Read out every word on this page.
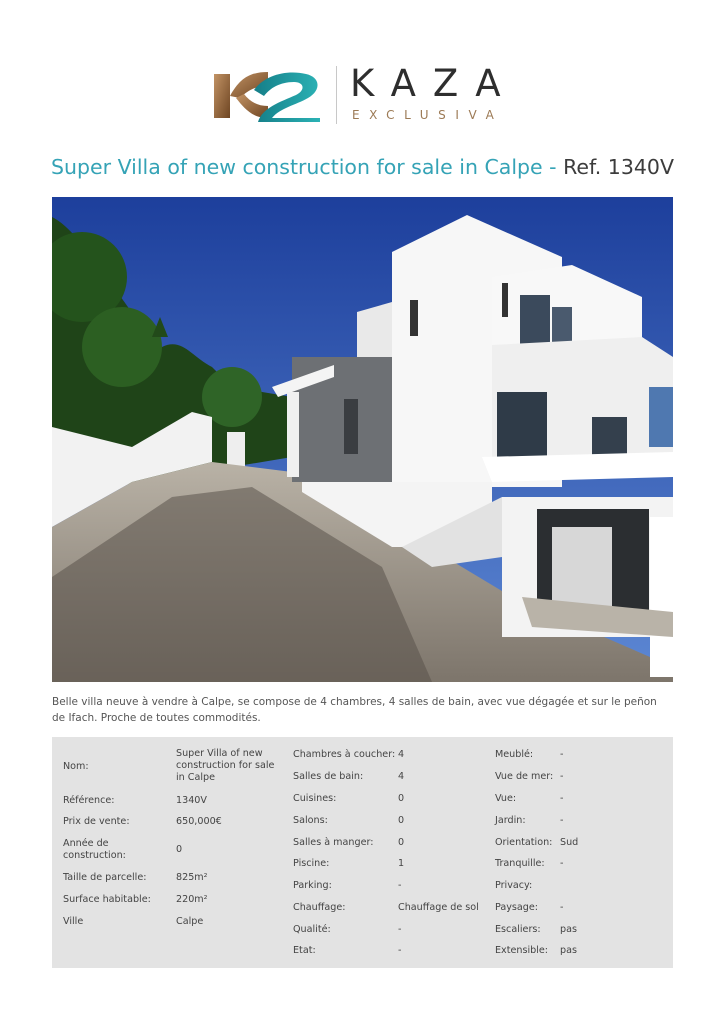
KAZA
EXCLUSIVA
Super Villa of new construction for sale in Calpe - Ref. 1340V
Belle villa neuve à vendre à Calpe, se compose de 4 chambres, 4 salles de bain, avec vue dégagée et sur le peñon de Ifach. Proche de toutes commodités.
Nom:
Super Villa of new construction for sale in Calpe
Référence:	1340V
Prix de vente:	650,000€
Année de construction:
0
Taille de parcelle:	825m²
Surface habitable:	220m²
Ville	Calpe
Chambres à coucher: 4
Salles de bain:	4
Cuisines:	0
Salons:	0
Salles à manger:	0
Piscine:	1
Parking:	-
Chauffage:	Chauffage de sol
Qualité:	-
Etat:	-
Meublé:	-
Vue de mer: -
Vue:	-
Jardin:	-
Orientation: Sud
Tranquille:	-
Privacy:
Paysage:	-
Escaliers:	pas
Extensible:	pas
